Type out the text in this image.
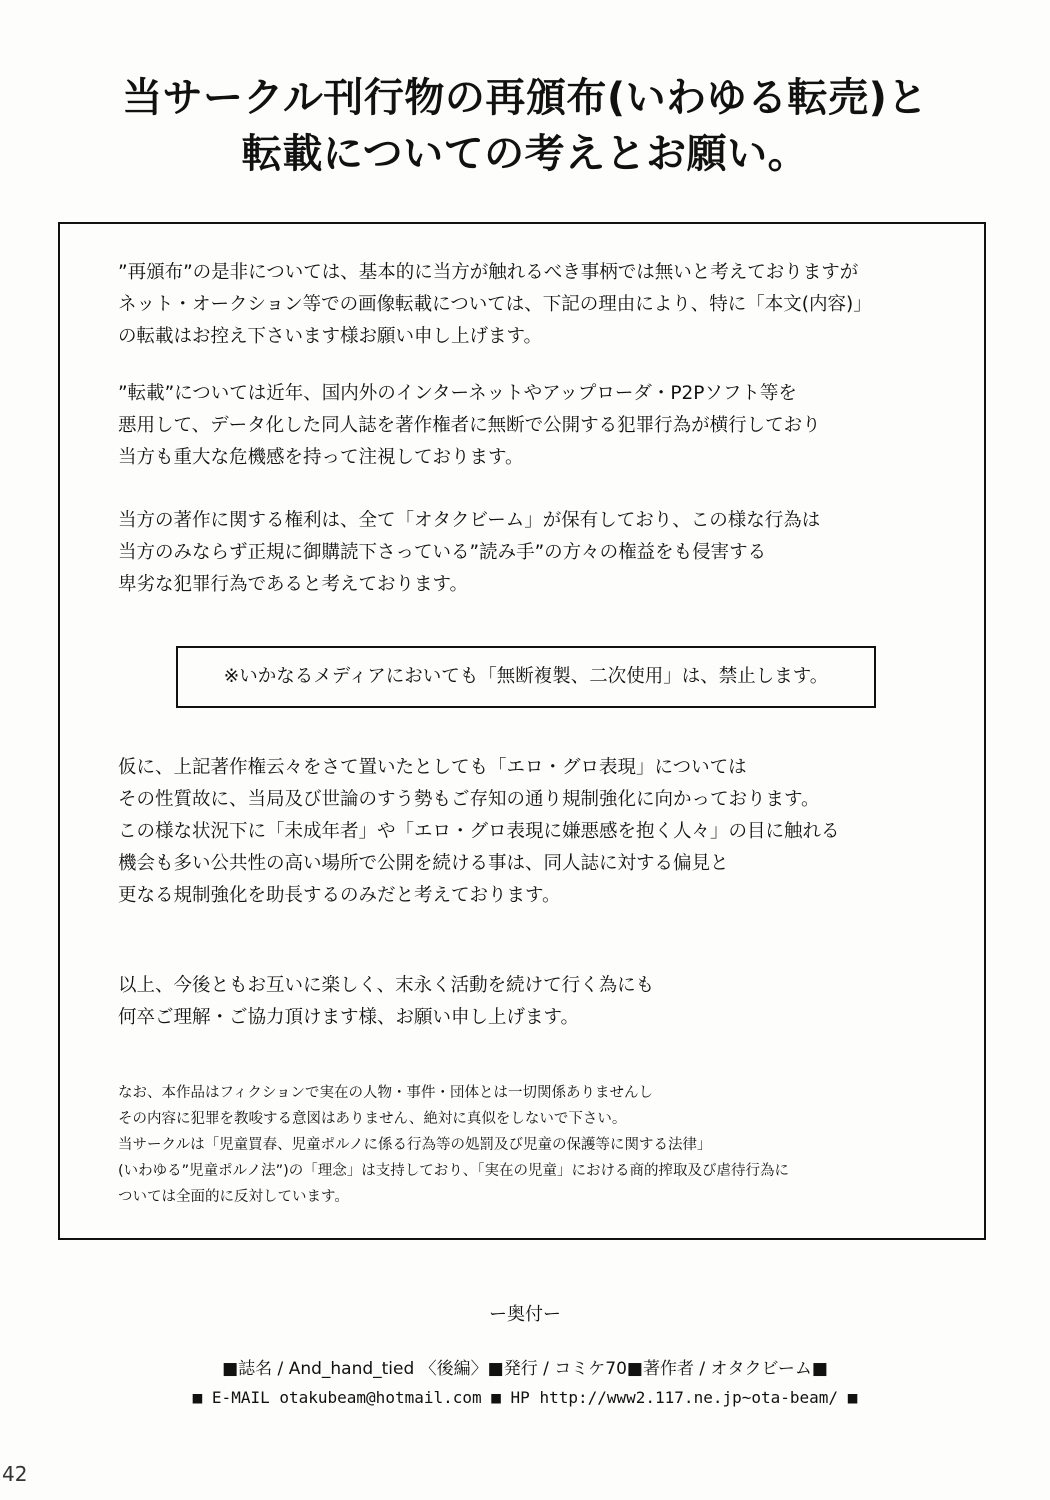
当サークル刊行物の再頒布(いわゆる転売)と
転載についての考えとお願い。
”再頒布”の是非については、基本的に当方が触れるべき事柄では無いと考えておりますが
ネット・オークション等での画像転載については、下記の理由により、特に「本文(内容)」
の転載はお控え下さいます様お願い申し上げます。
”転載”については近年、国内外のインターネットやアップローダ・P2Pソフト等を
悪用して、データ化した同人誌を著作権者に無断で公開する犯罪行為が横行しており
当方も重大な危機感を持って注視しております。
当方の著作に関する権利は、全て「オタクビーム」が保有しており、この様な行為は
当方のみならず正規に御購読下さっている”読み手”の方々の権益をも侵害する
卑劣な犯罪行為であると考えております。
※いかなるメディアにおいても「無断複製、二次使用」は、禁止します。
仮に、上記著作権云々をさて置いたとしても「エロ・グロ表現」については
その性質故に、当局及び世論のすう勢もご存知の通り規制強化に向かっております。
この様な状況下に「未成年者」や「エロ・グロ表現に嫌悪感を抱く人々」の目に触れる
機会も多い公共性の高い場所で公開を続ける事は、同人誌に対する偏見と
更なる規制強化を助長するのみだと考えております。
以上、今後ともお互いに楽しく、末永く活動を続けて行く為にも
何卒ご理解・ご協力頂けます様、お願い申し上げます。
なお、本作品はフィクションで実在の人物・事件・団体とは一切関係ありませんし
その内容に犯罪を教唆する意図はありません、絶対に真似をしないで下さい。
当サークルは「児童買春、児童ポルノに係る行為等の処罰及び児童の保護等に関する法律」
(いわゆる”児童ポルノ法”)の「理念」は支持しており、「実在の児童」における商的搾取及び虐待行為に
ついては全面的に反対しています。
ー奥付ー
■誌名 / And_hand_tied 〈後編〉■発行 / コミケ70■著作者 / オタクビーム■
■ E-MAIL otakubeam@hotmail.com ■ HP http://www2.117.ne.jp~ota-beam/ ■
42
